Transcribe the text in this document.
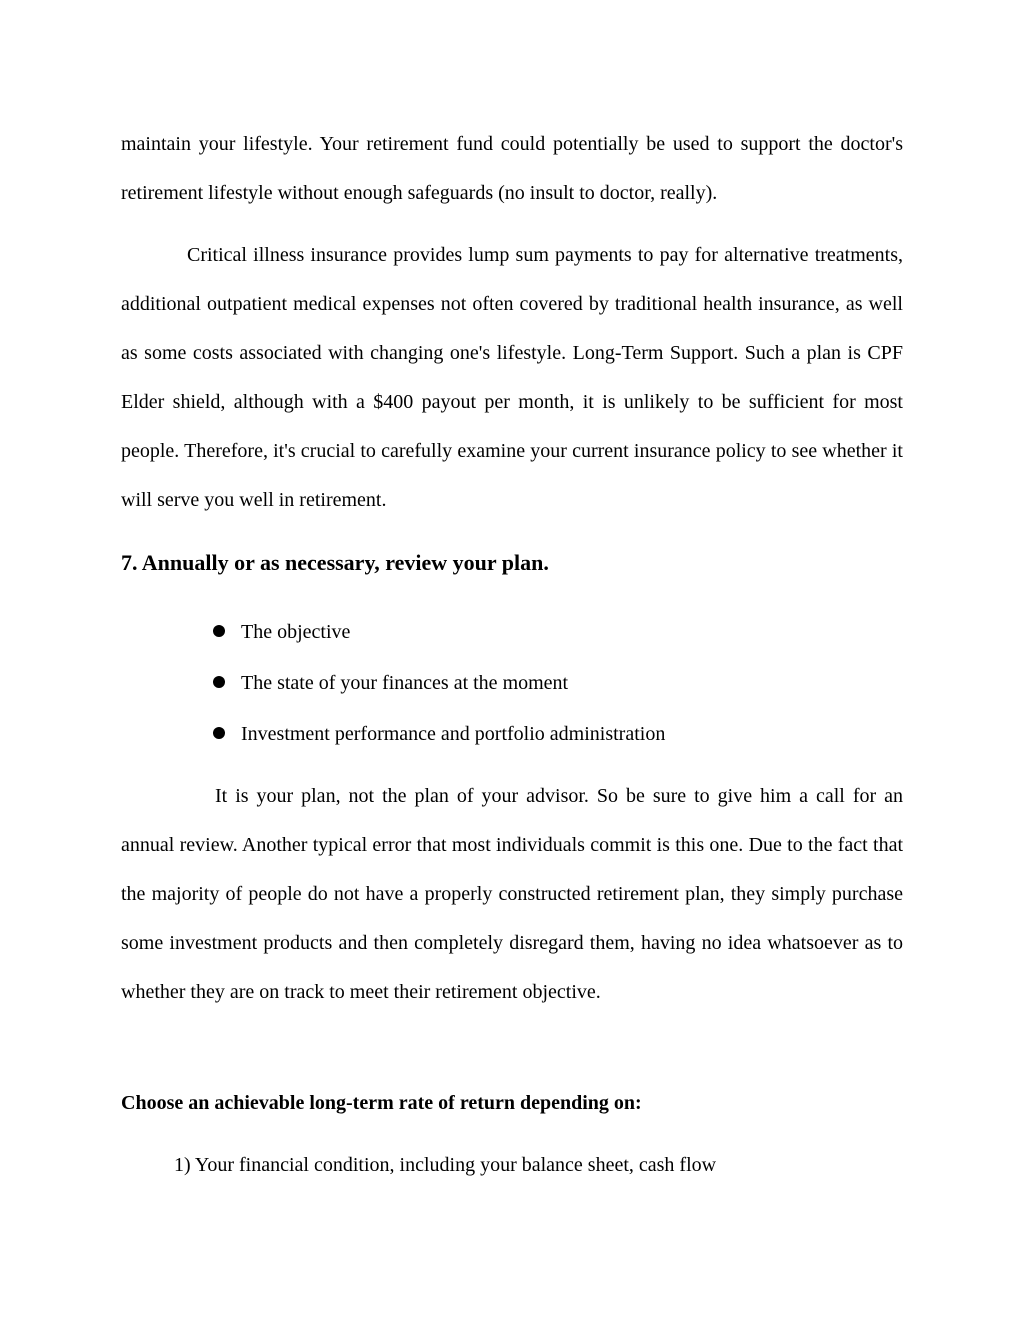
maintain your lifestyle. Your retirement fund could potentially be used to support the doctor's retirement lifestyle without enough safeguards (no insult to doctor, really).

Critical illness insurance provides lump sum payments to pay for alternative treatments, additional outpatient medical expenses not often covered by traditional health insurance, as well as some costs associated with changing one's lifestyle. Long-Term Support. Such a plan is CPF Elder shield, although with a $400 payout per month, it is unlikely to be sufficient for most people. Therefore, it's crucial to carefully examine your current insurance policy to see whether it will serve you well in retirement.

7. Annually or as necessary, review your plan.
The objective
The state of your finances at the moment
Investment performance and portfolio administration

It is your plan, not the plan of your advisor. So be sure to give him a call for an annual review. Another typical error that most individuals commit is this one. Due to the fact that the majority of people do not have a properly constructed retirement plan, they simply purchase some investment products and then completely disregard them, having no idea whatsoever as to whether they are on track to meet their retirement objective.

Choose an achievable long-term rate of return depending on:

1) Your financial condition, including your balance sheet, cash flow
